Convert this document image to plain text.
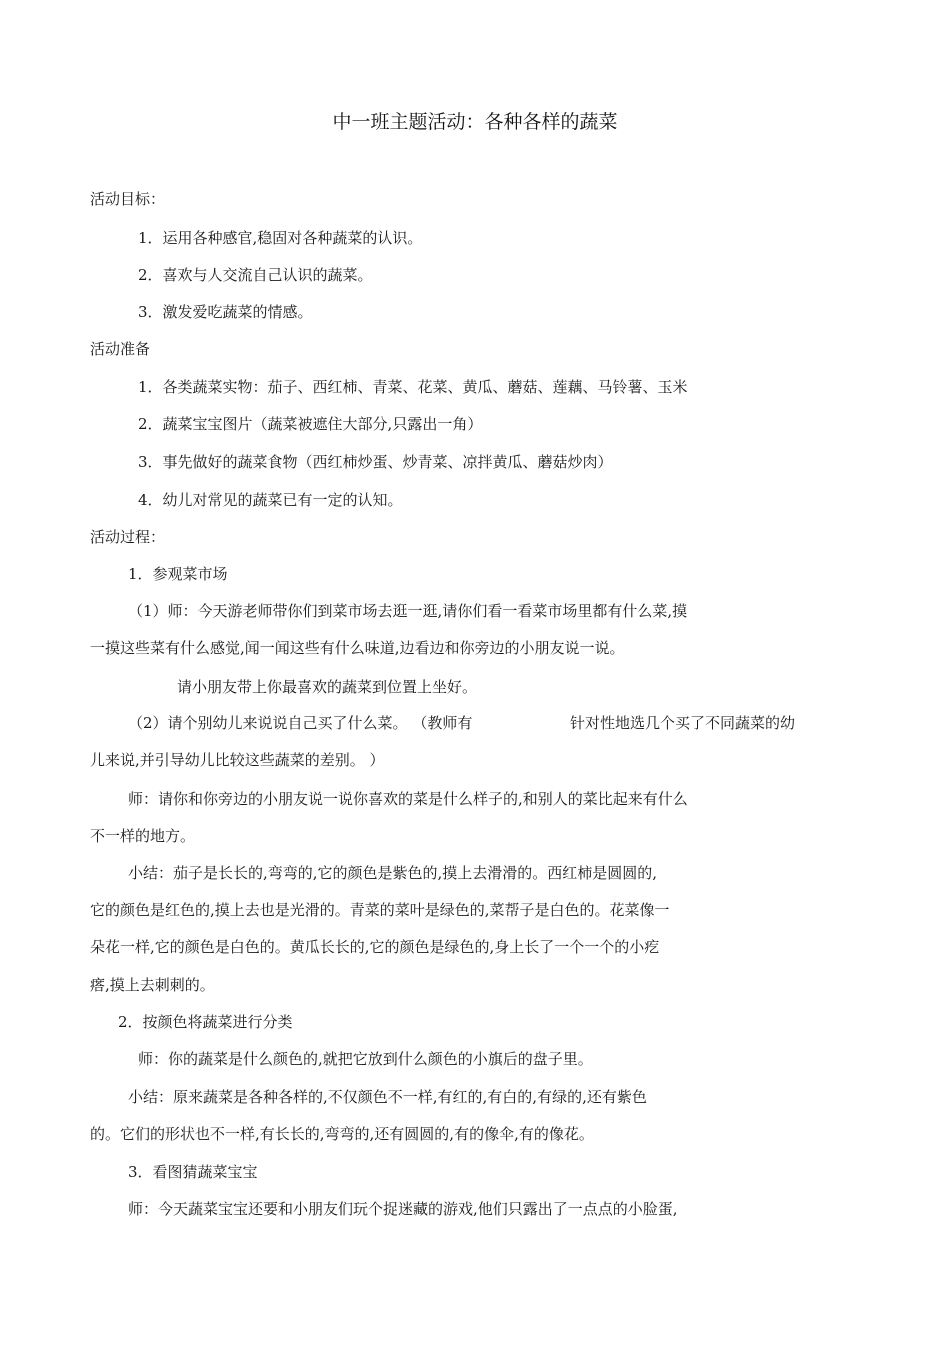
中一班主题活动：各种各样的蔬菜
活动目标：
1．运用各种感官,稳固对各种蔬菜的认识。
2．喜欢与人交流自己认识的蔬菜。
3．激发爱吃蔬菜的情感。
活动准备
1．各类蔬菜实物：茄子、西红柿、青菜、花菜、黄瓜、蘑菇、莲藕、马铃薯、玉米
2．蔬菜宝宝图片（蔬菜被遮住大部分,只露出一角）
3．事先做好的蔬菜食物（西红柿炒蛋、炒青菜、凉拌黄瓜、蘑菇炒肉）
4．幼儿对常见的蔬菜已有一定的认知。
活动过程：
1．参观菜市场
（1）师：今天游老师带你们到菜市场去逛一逛,请你们看一看菜市场里都有什么菜,摸
一摸这些菜有什么感觉,闻一闻这些有什么味道,边看边和你旁边的小朋友说一说。
请小朋友带上你最喜欢的蔬菜到位置上坐好。
（2）请个别幼儿来说说自己买了什么菜。 （教师有	针对性地选几个买了不同蔬菜的幼
儿来说,并引导幼儿比较这些蔬菜的差别。 ）
师：请你和你旁边的小朋友说一说你喜欢的菜是什么样子的,和别人的菜比起来有什么
不一样的地方。
小结：茄子是长长的,弯弯的,它的颜色是紫色的,摸上去滑滑的。西红柿是圆圆的,
它的颜色是红色的,摸上去也是光滑的。青菜的菜叶是绿色的,菜帮子是白色的。花菜像一
朵花一样,它的颜色是白色的。黄瓜长长的,它的颜色是绿色的,身上长了一个一个的小疙
瘩,摸上去刺刺的。
2．按颜色将蔬菜进行分类
师：你的蔬菜是什么颜色的,就把它放到什么颜色的小旗后的盘子里。
小结：原来蔬菜是各种各样的,不仅颜色不一样,有红的,有白的,有绿的,还有紫色
的。它们的形状也不一样,有长长的,弯弯的,还有圆圆的,有的像伞,有的像花。
3．看图猜蔬菜宝宝
师：今天蔬菜宝宝还要和小朋友们玩个捉迷藏的游戏,他们只露出了一点点的小脸蛋,
